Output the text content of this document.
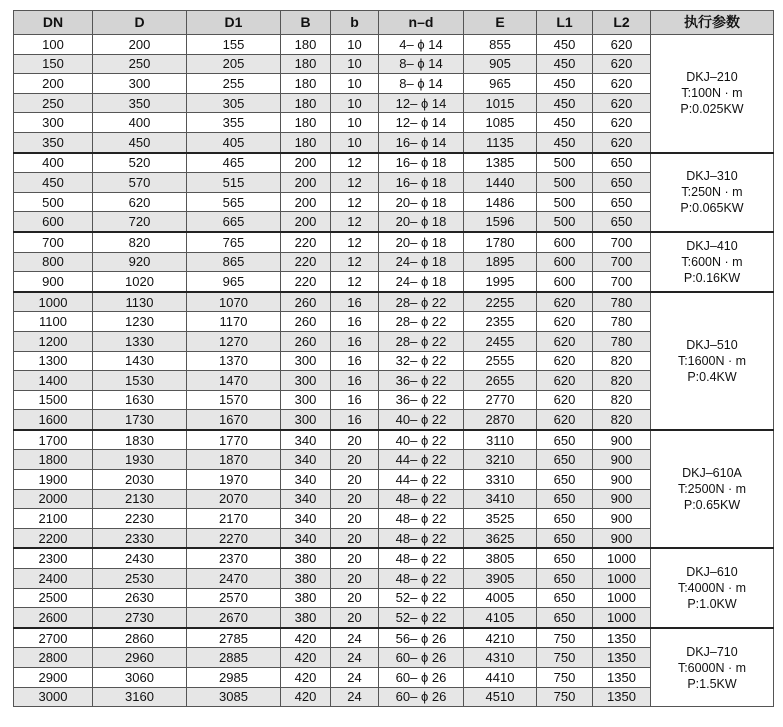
DN	D	D1	B	b	n–d	E	L1	L2	执行参数
100	200	155	180	10	4– ϕ 14	855	450	620	DKJ–210
T:100N · m
P:0.025KW

150	250	205	180	10	8– ϕ 14	905	450	620	
200	300	255	180	10	8– ϕ 14	965	450	620	
250	350	305	180	10	12– ϕ 14	1015	450	620	
300	400	355	180	10	12– ϕ 14	1085	450	620	
350	450	405	180	10	16– ϕ 14	1135	450	620	
400	520	465	200	12	16– ϕ 18	1385	500	650	DKJ–310
T:250N · m
P:0.065KW

450	570	515	200	12	16– ϕ 18	1440	500	650	
500	620	565	200	12	20– ϕ 18	1486	500	650	
600	720	665	200	12	20– ϕ 18	1596	500	650	
700	820	765	220	12	20– ϕ 18	1780	600	700	DKJ–410
T:600N · m
P:0.16KW

800	920	865	220	12	24– ϕ 18	1895	600	700	
900	1020	965	220	12	24– ϕ 18	1995	600	700	
1000	1130	1070	260	16	28– ϕ 22	2255	620	780	DKJ–510
T:1600N · m
P:0.4KW

1100	1230	1170	260	16	28– ϕ 22	2355	620	780	
1200	1330	1270	260	16	28– ϕ 22	2455	620	780	
1300	1430	1370	300	16	32– ϕ 22	2555	620	820	
1400	1530	1470	300	16	36– ϕ 22	2655	620	820	
1500	1630	1570	300	16	36– ϕ 22	2770	620	820	
1600	1730	1670	300	16	40– ϕ 22	2870	620	820	
1700	1830	1770	340	20	40– ϕ 22	3110	650	900	DKJ–610A
T:2500N · m
P:0.65KW

1800	1930	1870	340	20	44– ϕ 22	3210	650	900	
1900	2030	1970	340	20	44– ϕ 22	3310	650	900	
2000	2130	2070	340	20	48– ϕ 22	3410	650	900	
2100	2230	2170	340	20	48– ϕ 22	3525	650	900	
2200	2330	2270	340	20	48– ϕ 22	3625	650	900	
2300	2430	2370	380	20	48– ϕ 22	3805	650	1000	DKJ–610
T:4000N · m
P:1.0KW

2400	2530	2470	380	20	48– ϕ 22	3905	650	1000	
2500	2630	2570	380	20	52– ϕ 22	4005	650	1000	
2600	2730	2670	380	20	52– ϕ 22	4105	650	1000	
2700	2860	2785	420	24	56– ϕ 26	4210	750	1350	DKJ–710
T:6000N · m
P:1.5KW

2800	2960	2885	420	24	60– ϕ 26	4310	750	1350	
2900	3060	2985	420	24	60– ϕ 26	4410	750	1350	
3000	3160	3085	420	24	60– ϕ 26	4510	750	1350	
